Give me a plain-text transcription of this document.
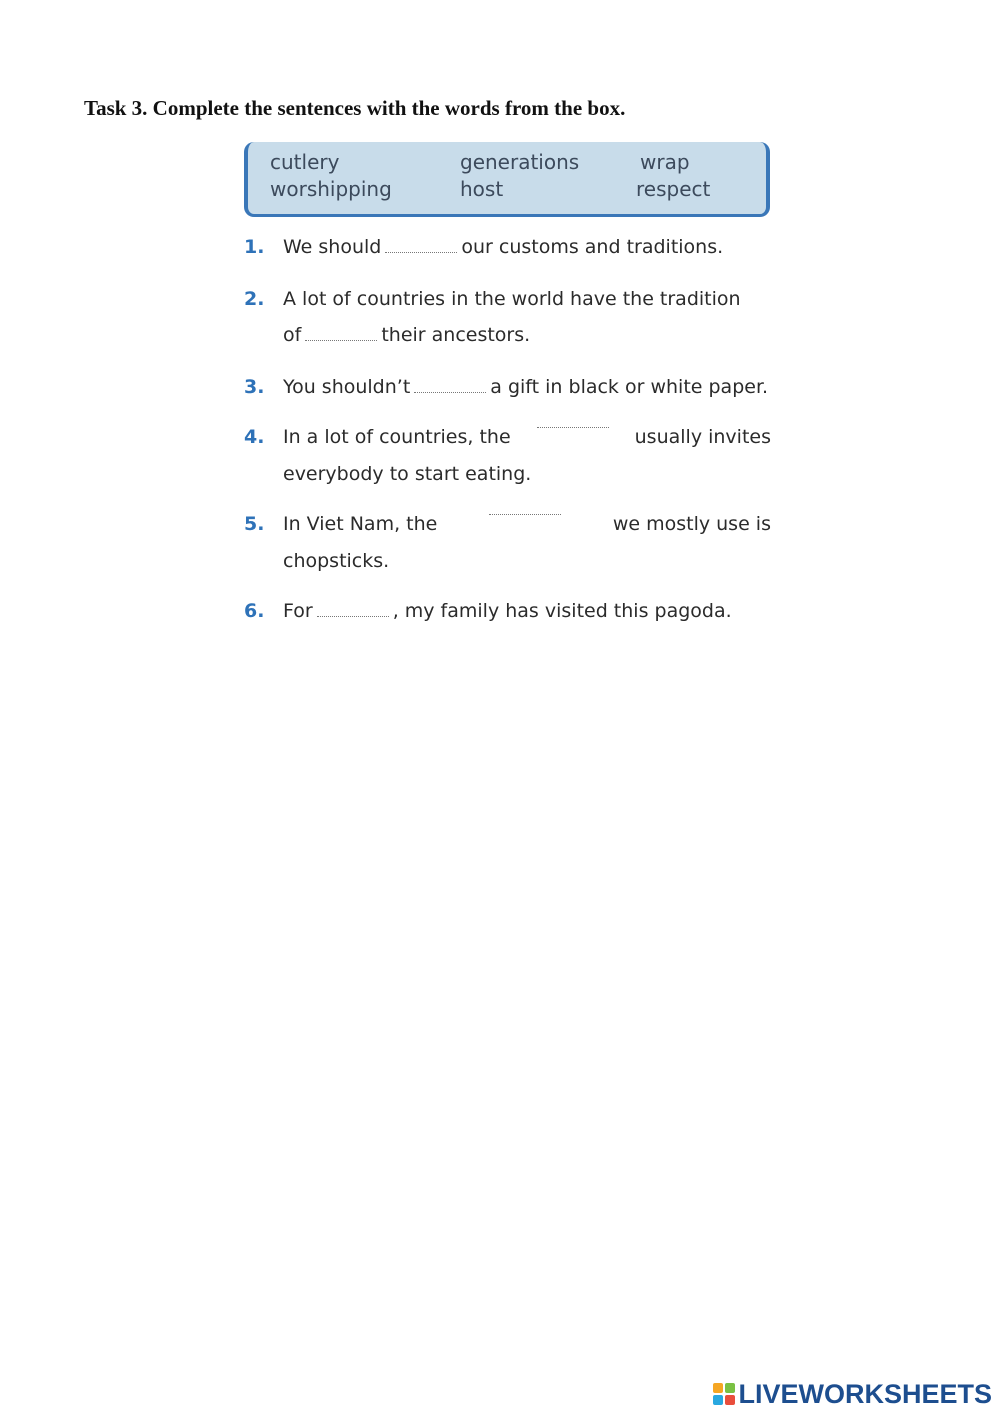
Task 3. Complete the sentences with the words from the box.
cutlery	generations	wrap
worshipping	host	respect
1. We should	our customs and traditions.
2. A lot of countries in the world have the tradition
of	their ancestors.
3. You shouldn’t	a gift in black or white paper.
4. In a lot of countries, the	usually invites
everybody to start eating.
5. In Viet Nam, the	we mostly use is
chopsticks.
6. For	, my family has visited this pagoda.
LIVEWORKSHEETS
